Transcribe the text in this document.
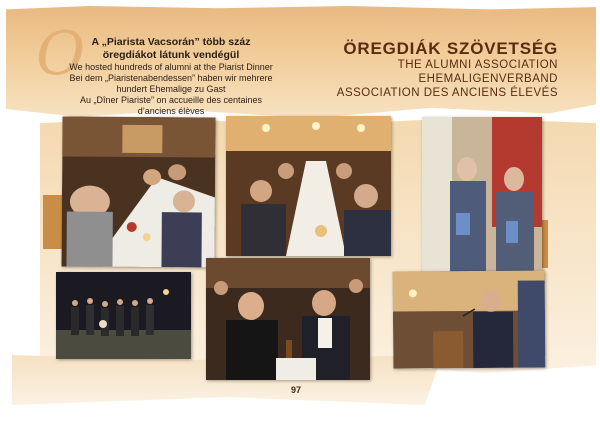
O A „Piarista Vacsorán” több száz öregdiákot látunk vendégül
We hosted hundreds of alumni at the Piarist Dinner
Bei dem „Piaristenabendessen” haben wir mehrere
hundert Ehemalige zu Gast
Au „Dîner Piariste” on accueille des centaines d’anciens élèves
ÖREGDIÁK SZÖVETSÉG
THE ALUMNI ASSOCIATION
EHEMALIGENVERBAND
ASSOCIATION DES ANCIENS ÉLEVÉS
97
